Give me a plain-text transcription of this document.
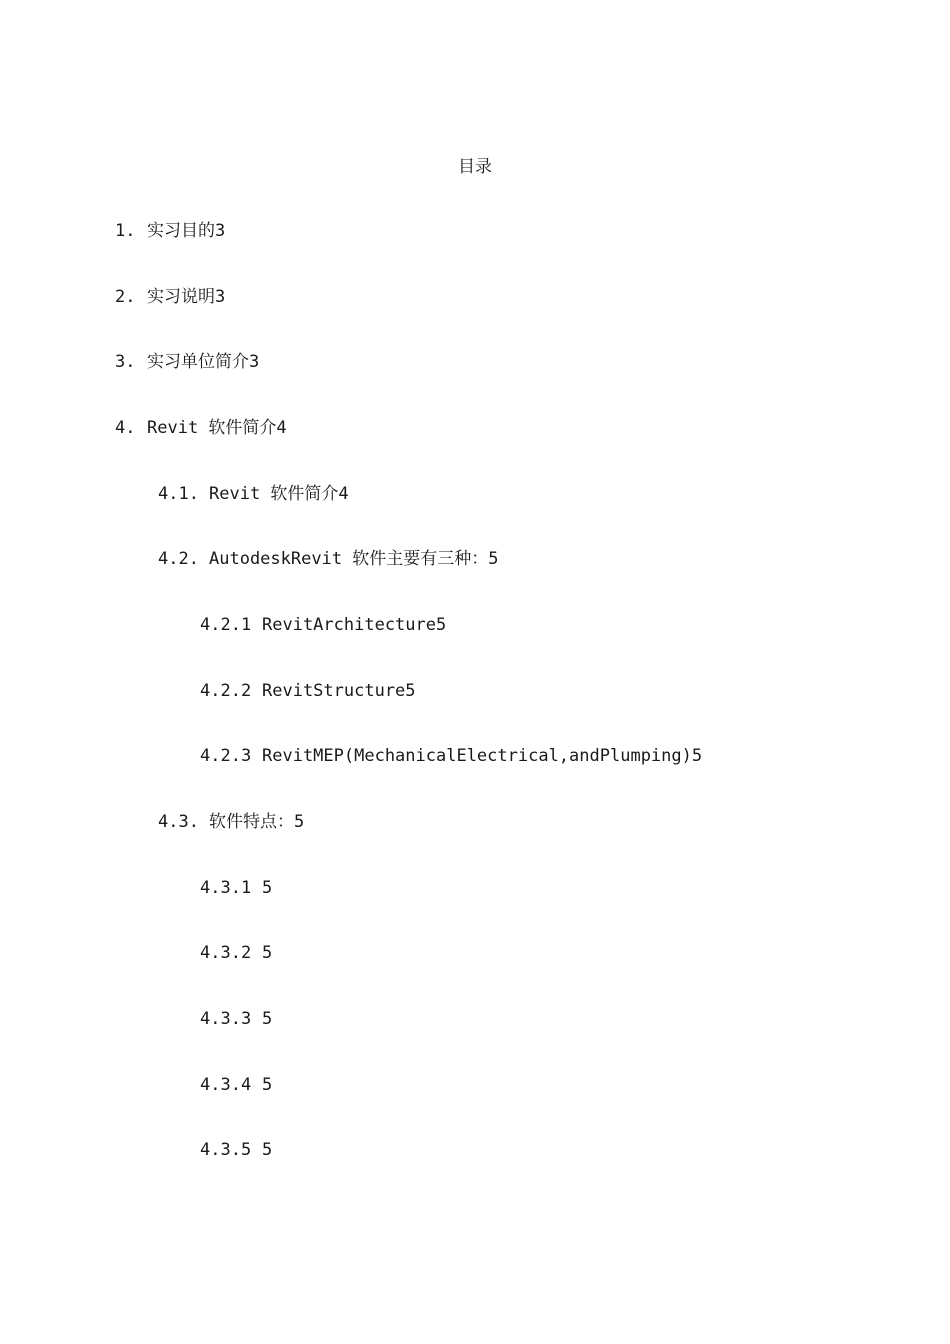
目录
1. 实习目的3
2. 实习说明3
3. 实习单位简介3
4. Revit 软件简介4
4.1. Revit 软件简介4
4.2. AutodeskRevit 软件主要有三种：5
4.2.1 RevitArchitecture5
4.2.2 RevitStructure5
4.2.3 RevitMEP(MechanicalElectrical,andPlumping)5
4.3. 软件特点：5
4.3.1 5
4.3.2 5
4.3.3 5
4.3.4 5
4.3.5 5
